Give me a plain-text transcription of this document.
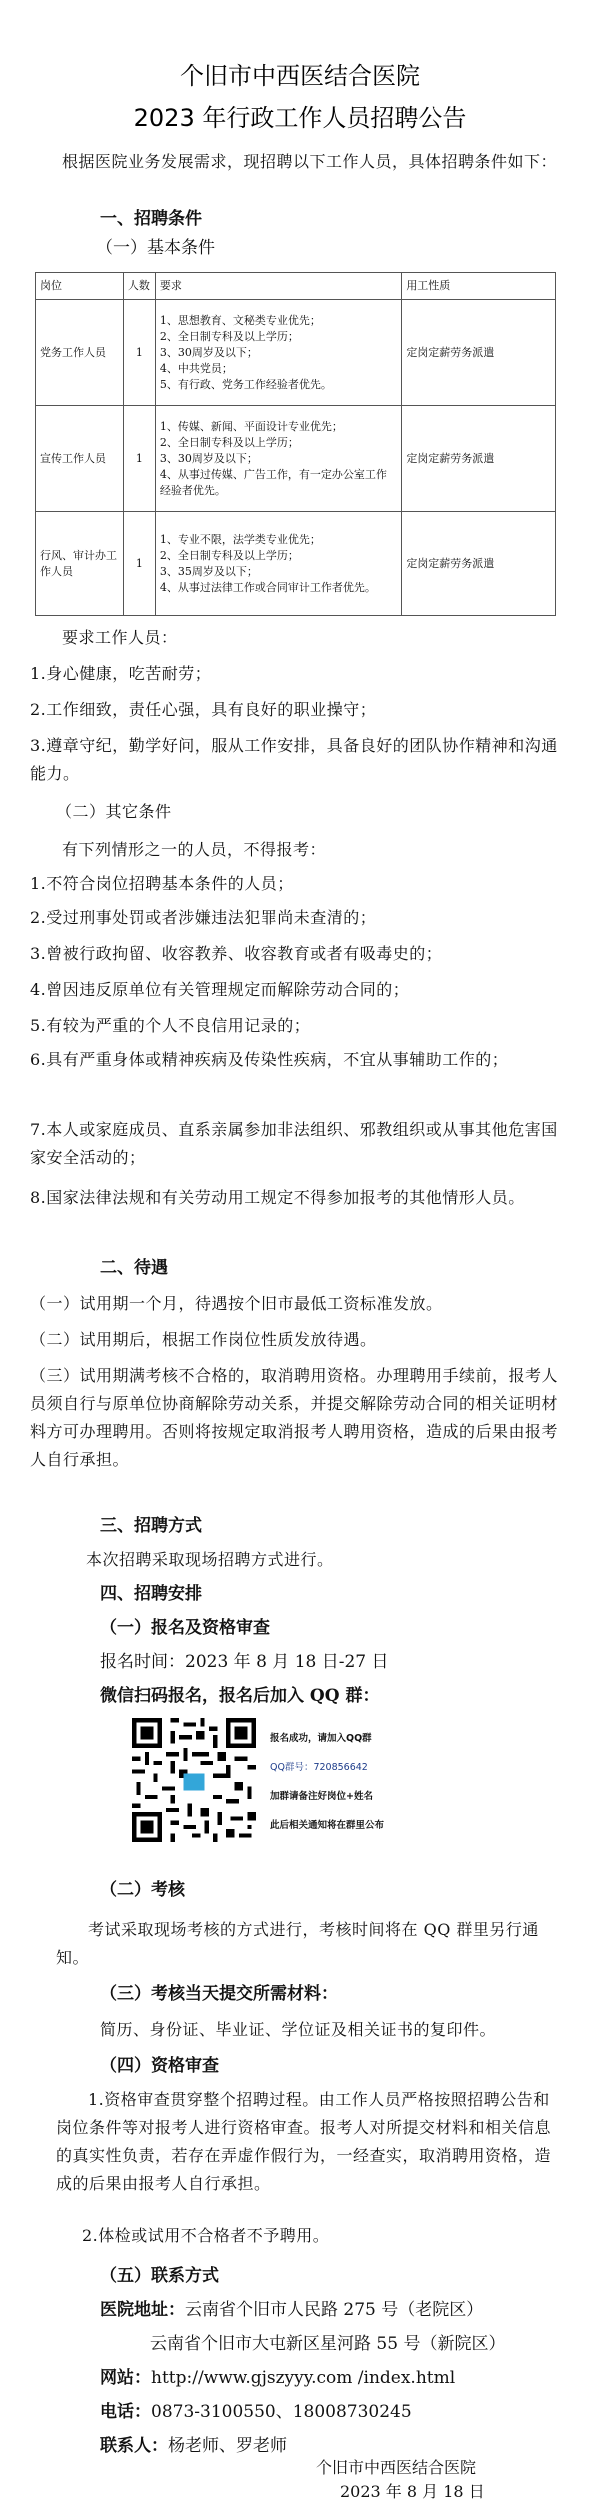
个旧市中西医结合医院
2023 年行政工作人员招聘公告
根据医院业务发展需求，现招聘以下工作人员，具体招聘条件如下：
一、招聘条件
（一）基本条件
岗位	人数	要求	用工性质
党务工作人员	1	1、思想教育、文秘类专业优先；
2、全日制专科及以上学历；
3、30周岁及以下；
4、中共党员；
5、有行政、党务工作经验者优先。	定岗定薪劳务派遣
宣传工作人员	1	1、传媒、新闻、平面设计专业优先；
2、全日制专科及以上学历；
3、30周岁及以下；
4、从事过传媒、广告工作，有一定办公室工作经验者优先。	定岗定薪劳务派遣
行风、审计办工作人员	1	1、专业不限，法学类专业优先；
2、全日制专科及以上学历；
3、35周岁及以下；
4、从事过法律工作或合同审计工作者优先。	定岗定薪劳务派遣
要求工作人员：
1.身心健康，吃苦耐劳；
2.工作细致，责任心强，具有良好的职业操守；
3.遵章守纪，勤学好问，服从工作安排，具备良好的团队协作精神和沟通能力。
（二）其它条件
有下列情形之一的人员，不得报考：
1.不符合岗位招聘基本条件的人员；
2.受过刑事处罚或者涉嫌违法犯罪尚未查清的；
3.曾被行政拘留、收容教养、收容教育或者有吸毒史的；
4.曾因违反原单位有关管理规定而解除劳动合同的；
5.有较为严重的个人不良信用记录的；
6.具有严重身体或精神疾病及传染性疾病，不宜从事辅助工作的；
7.本人或家庭成员、直系亲属参加非法组织、邪教组织或从事其他危害国家安全活动的；
8.国家法律法规和有关劳动用工规定不得参加报考的其他情形人员。
二、待遇
（一）试用期一个月，待遇按个旧市最低工资标准发放。
（二）试用期后，根据工作岗位性质发放待遇。
（三）试用期满考核不合格的，取消聘用资格。办理聘用手续前，报考人员须自行与原单位协商解除劳动关系，并提交解除劳动合同的相关证明材料方可办理聘用。否则将按规定取消报考人聘用资格，造成的后果由报考人自行承担。
三、招聘方式
本次招聘采取现场招聘方式进行。
四、招聘安排
（一）报名及资格审查
报名时间：2023 年 8 月 18 日-27 日
微信扫码报名，报名后加入 QQ 群：
报名成功，请加入QQ群
QQ群号：720856642
加群请备注好岗位+姓名
此后相关通知将在群里公布
（二）考核
考试采取现场考核的方式进行，考核时间将在 QQ 群里另行通知。
（三）考核当天提交所需材料：
简历、身份证、毕业证、学位证及相关证书的复印件。
（四）资格审查
1.资格审查贯穿整个招聘过程。由工作人员严格按照招聘公告和岗位条件等对报考人进行资格审查。报考人对所提交材料和相关信息的真实性负责，若存在弄虚作假行为，一经查实，取消聘用资格，造成的后果由报考人自行承担。
2.体检或试用不合格者不予聘用。
（五）联系方式
医院地址：云南省个旧市人民路 275 号（老院区）
云南省个旧市大屯新区星河路 55 号（新院区）
网站：http://www.gjszyyy.com /index.html
电话：0873-3100550、18008730245
联系人：杨老师、罗老师
个旧市中西医结合医院
2023 年 8 月 18 日
